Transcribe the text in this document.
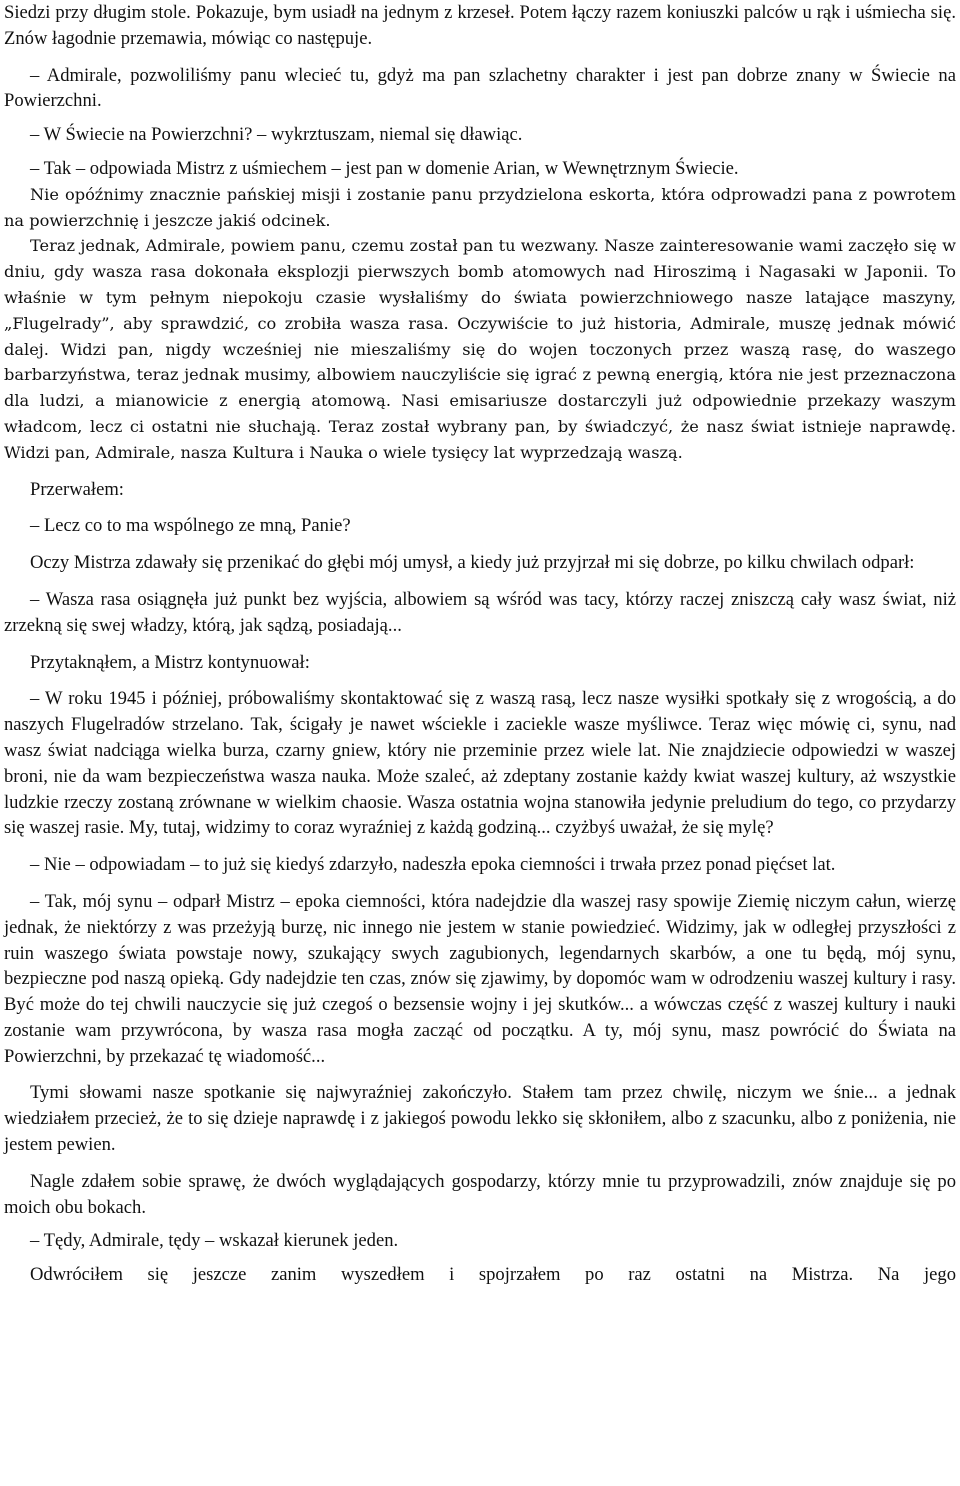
Siedzi przy długim stole. Pokazuje, bym usiadł na jednym z krzeseł. Potem łączy razem koniuszki palców u rąk i uśmiecha się. Znów łagodnie przemawia, mówiąc co następuje.

– Admirale, pozwoliliśmy panu wlecieć tu, gdyż ma pan szlachetny charakter i jest pan dobrze znany w Świecie na Powierzchni.

– W Świecie na Powierzchni? – wykrztuszam, niemal się dławiąc.

– Tak – odpowiada Mistrz z uśmiechem – jest pan w domenie Arian, w Wewnętrznym Świecie.
Nie opóźnimy znacznie pańskiej misji i zostanie panu przydzielona eskorta, która odprowadzi pana z powrotem na powierzchnię i jeszcze jakiś odcinek.
Teraz jednak, Admirale, powiem panu, czemu został pan tu wezwany. Nasze zainteresowanie wami zaczęło się w dniu, gdy wasza rasa dokonała eksplozji pierwszych bomb atomowych nad Hiroszimą i Nagasaki w Japonii. To właśnie w tym pełnym niepokoju czasie wysłaliśmy do świata powierzchniowego nasze latające maszyny, „Flugelrady”, aby sprawdzić, co zrobiła wasza rasa. Oczywiście to już historia, Admirale, muszę jednak mówić dalej. Widzi pan, nigdy wcześniej nie mieszaliśmy się do wojen toczonych przez waszą rasę, do waszego barbarzyństwa, teraz jednak musimy, albowiem nauczyliście się igrać z pewną energią, która nie jest przeznaczona dla ludzi, a mianowicie z energią atomową. Nasi emisariusze dostarczyli już odpowiednie przekazy waszym władcom, lecz ci ostatni nie słuchają. Teraz został wybrany pan, by świadczyć, że nasz świat istnieje naprawdę. Widzi pan, Admirale, nasza Kultura i Nauka o wiele tysięcy lat wyprzedzają waszą.

Przerwałem:

– Lecz co to ma wspólnego ze mną, Panie?

Oczy Mistrza zdawały się przenikać do głębi mój umysł, a kiedy już przyjrzał mi się dobrze, po kilku chwilach odparł:

– Wasza rasa osiągnęła już punkt bez wyjścia, albowiem są wśród was tacy, którzy raczej zniszczą cały wasz świat, niż zrzekną się swej władzy, którą, jak sądzą, posiadają...

Przytaknąłem, a Mistrz kontynuował:

– W roku 1945 i później, próbowaliśmy skontaktować się z waszą rasą, lecz nasze wysiłki spotkały się z wrogością, a do naszych Flugelradów strzelano. Tak, ścigały je nawet wściekle i zaciekle wasze myśliwce. Teraz więc mówię ci, synu, nad wasz świat nadciąga wielka burza, czarny gniew, który nie przeminie przez wiele lat. Nie znajdziecie odpowiedzi w waszej broni, nie da wam bezpieczeństwa wasza nauka. Może szaleć, aż zdeptany zostanie każdy kwiat waszej kultury, aż wszystkie ludzkie rzeczy zostaną zrównane w wielkim chaosie. Wasza ostatnia wojna stanowiła jedynie preludium do tego, co przydarzy się waszej rasie. My, tutaj, widzimy to coraz wyraźniej z każdą godziną... czyżbyś uważał, że się mylę?

– Nie – odpowiadam – to już się kiedyś zdarzyło, nadeszła epoka ciemności i trwała przez ponad pięćset lat.

– Tak, mój synu – odparł Mistrz – epoka ciemności, która nadejdzie dla waszej rasy spowije Ziemię niczym całun, wierzę jednak, że niektórzy z was przeżyją burzę, nic innego nie jestem w stanie powiedzieć. Widzimy, jak w odległej przyszłości z ruin waszego świata powstaje nowy, szukający swych zagubionych, legendarnych skarbów, a one tu będą, mój synu, bezpieczne pod naszą opieką. Gdy nadejdzie ten czas, znów się zjawimy, by dopomóc wam w odrodzeniu waszej kultury i rasy. Być może do tej chwili nauczycie się już czegoś o bezsensie wojny i jej skutków... a wówczas część z waszej kultury i nauki zostanie wam przywrócona, by wasza rasa mogła zacząć od początku. A ty, mój synu, masz powrócić do Świata na Powierzchni, by przekazać tę wiadomość...

Tymi słowami nasze spotkanie się najwyraźniej zakończyło. Stałem tam przez chwilę, niczym we śnie... a jednak wiedziałem przecież, że to się dzieje naprawdę i z jakiegoś powodu lekko się skłoniłem, albo z szacunku, albo z poniżenia, nie jestem pewien.

Nagle zdałem sobie sprawę, że dwóch wyglądających gospodarzy, którzy mnie tu przyprowadzili, znów znajduje się po moich obu bokach.

– Tędy, Admirale, tędy – wskazał kierunek jeden.

Odwróciłem się jeszcze zanim wyszedłem i spojrzałem po raz ostatni na Mistrza. Na jego
